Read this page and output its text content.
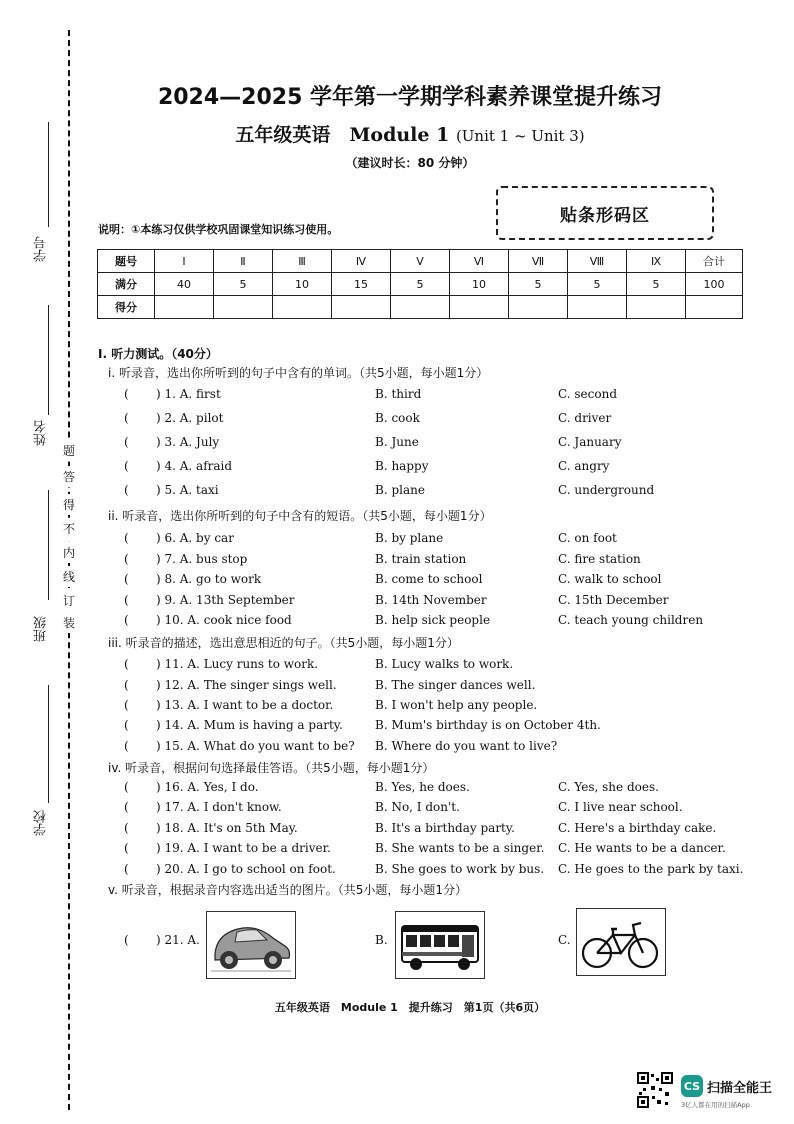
学号
姓名
班级
学校
装
订
线
内
不
得
答
题
2024—2025 学年第一学期学科素养课堂提升练习
五年级英语　Module 1 (Unit 1 ~ Unit 3)
（建议时长：80 分钟）
贴条形码区
说明：①本练习仅供学校巩固课堂知识练习使用。
题号	I	Ⅱ	Ⅲ	Ⅳ	V	Ⅵ	Ⅶ	Ⅷ	Ⅸ	合计
满分	40	5	10	15	5	10	5	5	5	100
得分										
I. 听力测试。（40分）
i. 听录音，选出你所听到的句子中含有的单词。（共5小题，每小题1分）
( ) 1. A. first	B. third	C. second
( ) 2. A. pilot	B. cook	C. driver
( ) 3. A. July	B. June	C. January
( ) 4. A. afraid	B. happy	C. angry
( ) 5. A. taxi	B. plane	C. underground
ii. 听录音，选出你所听到的句子中含有的短语。（共5小题，每小题1分）
( ) 6. A. by car	B. by plane	C. on foot
( ) 7. A. bus stop	B. train station	C. fire station
( ) 8. A. go to work	B. come to school	C. walk to school
( ) 9. A. 13th September	B. 14th November	C. 15th December
( ) 10. A. cook nice food	B. help sick people	C. teach young children
iii. 听录音的描述，选出意思相近的句子。（共5小题，每小题1分）
( ) 11. A. Lucy runs to work.	B. Lucy walks to work.
( ) 12. A. The singer sings well.	B. The singer dances well.
( ) 13. A. I want to be a doctor.	B. I won't help any people.
( ) 14. A. Mum is having a party.	B. Mum's birthday is on October 4th.
( ) 15. A. What do you want to be? B. Where do you want to live?
iv. 听录音，根据问句选择最佳答语。（共5小题，每小题1分）
( ) 16. A. Yes, I do.	B. Yes, he does.	C. Yes, she does.
( ) 17. A. I don't know.	B. No, I don't.	C. I live near school.
( ) 18. A. It's on 5th May.	B. It's a birthday party.	C. Here's a birthday cake.
( ) 19. A. I want to be a driver.	B. She wants to be a singer. C. He wants to be a dancer.
( ) 20. A. I go to school on foot.	B. She goes to work by bus. C. He goes to the park by taxi.
v. 听录音，根据录音内容选出适当的图片。（共5小题，每小题1分）
( ) 21. A.	B.	C.
五年级英语　Module 1　提升练习　第1页（共6页）
CS 扫描全能王
3亿人都在用的扫描App
